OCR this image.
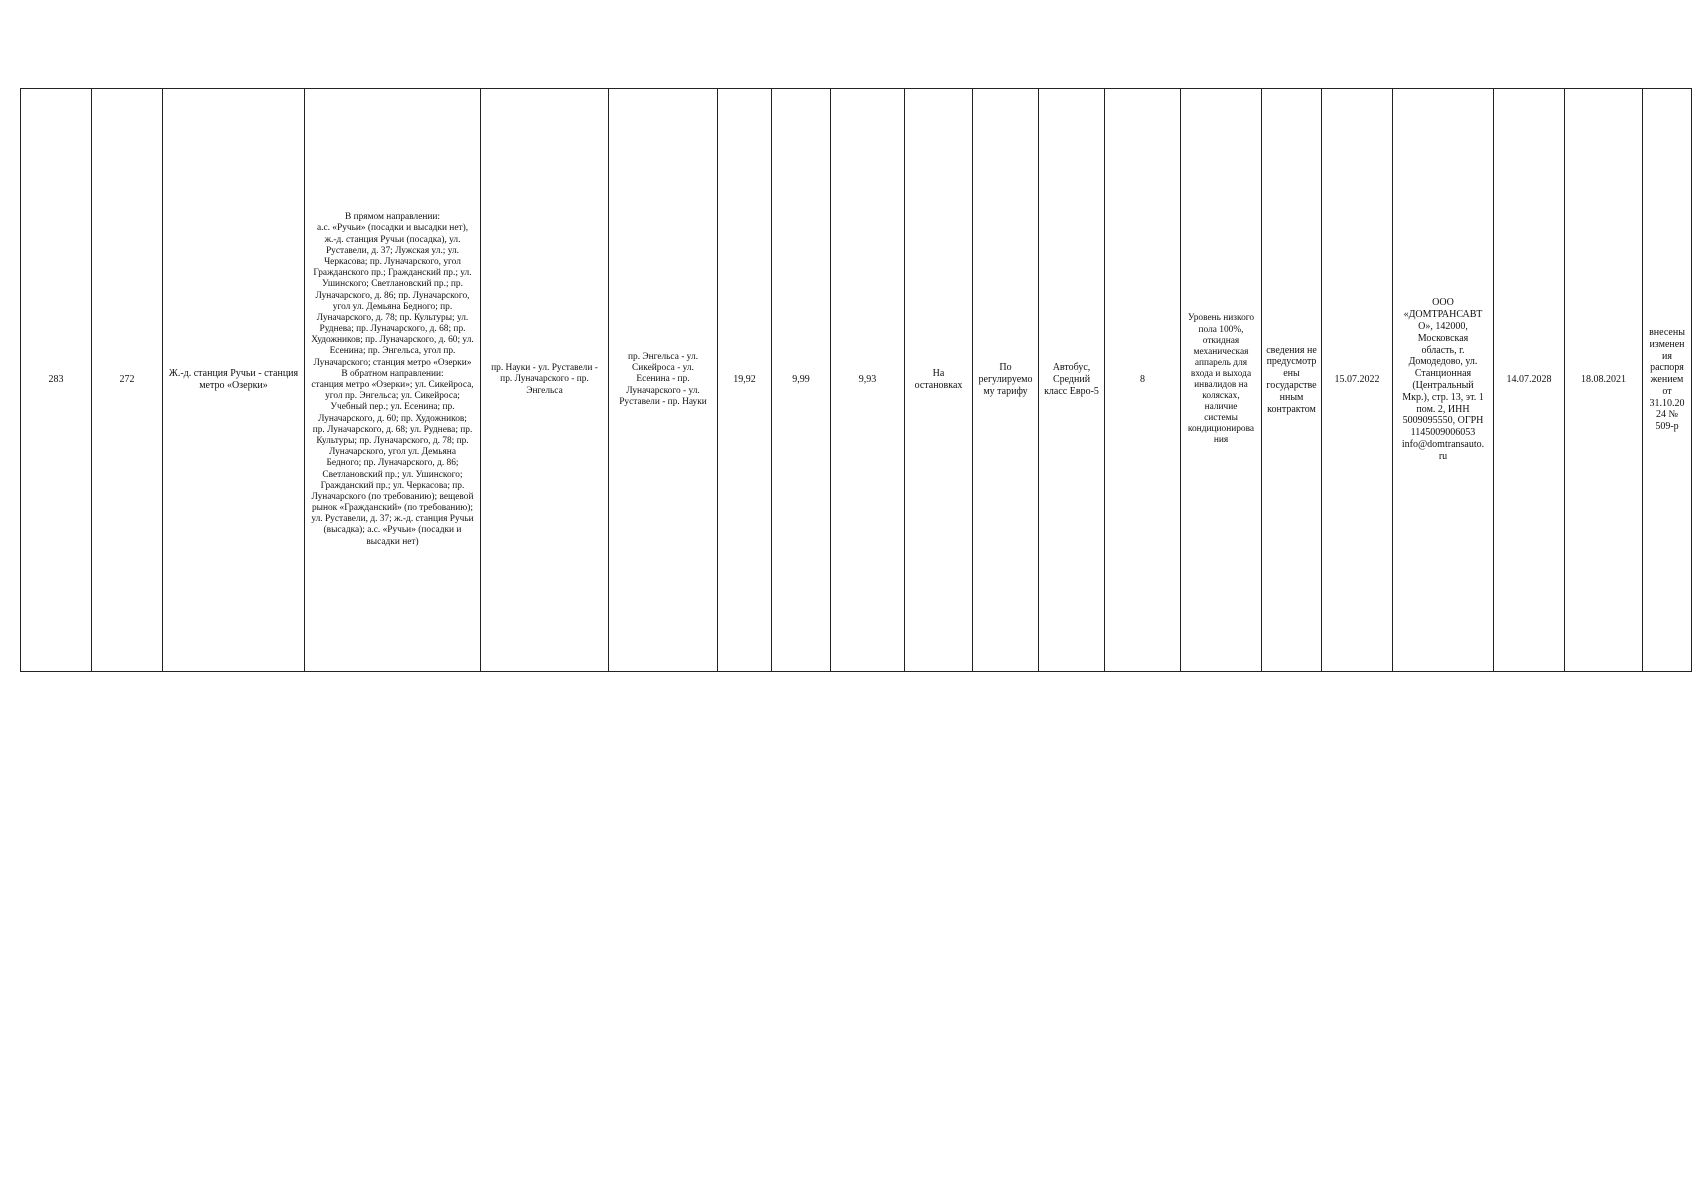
283	272	Ж.-д. станция Ручьи - станция метро «Озерки»	
В прямом направлении:
а.с. «Ручьи» (посадки и высадки нет), ж.-д. станция Ручьи (посадка), ул. Руставели, д. 37; Лужская ул.; ул. Черкасова; пр. Луначарского, угол Гражданского пр.; Гражданский пр.; ул. Ушинского; Светлановский пр.; пр. Луначарского, д. 86; пр. Луначарского, угол ул. Демьяна Бедного; пр. Луначарского, д. 78; пр. Культуры; ул. Руднева; пр. Луначарского, д. 68; пр. Художников; пр. Луначарского, д. 60; ул. Есенина; пр. Энгельса, угол пр. Луначарского; станция метро «Озерки»
В обратном направлении:
станция метро «Озерки»; ул. Сикейроса, угол пр. Энгельса; ул. Сикейроса; Учебный пер.; ул. Есенина; пр. Луначарского, д. 60; пр. Художников; пр. Луначарского, д. 68; ул. Руднева; пр. Культуры; пр. Луначарского, д. 78; пр. Луначарского, угол ул. Демьяна Бедного; пр. Луначарского, д. 86; Светлановский пр.; ул. Ушинского; Гражданский пр.; ул. Черкасова; пр. Луначарского (по требованию); вещевой рынок «Гражданский» (по требованию); ул. Руставели, д. 37; ж.-д. станция Ручьи (высадка); а.с. «Ручьи» (посадки и высадки нет)
	пр. Науки - ул. Руставели - пр. Луначарского - пр. Энгельса	пр. Энгельса - ул. Сикейроса - ул. Есенина - пр. Луначарского - ул. Руставели - пр. Науки	19,92	9,99	9,93	На остановках	По регулируемому тарифу	Автобус, Средний класс Евро-5	8	Уровень низкого пола 100%, откидная механическая аппарель для входа и выхода инвалидов на колясках, наличие системы кондиционирования	сведения не предусмотрены государственным контрактом	15.07.2022	ООО «ДОМТРАНСАВТО», 142000, Московская область, г. Домодедово, ул. Станционная (Центральный Мкр.), стр. 13, эт. 1 пом. 2, ИНН 5009095550, ОГРН 1145009006053 info@domtransauto.ru	14.07.2028	18.08.2021	внесены изменения распоряжением от 31.10.2024 № 509-р
